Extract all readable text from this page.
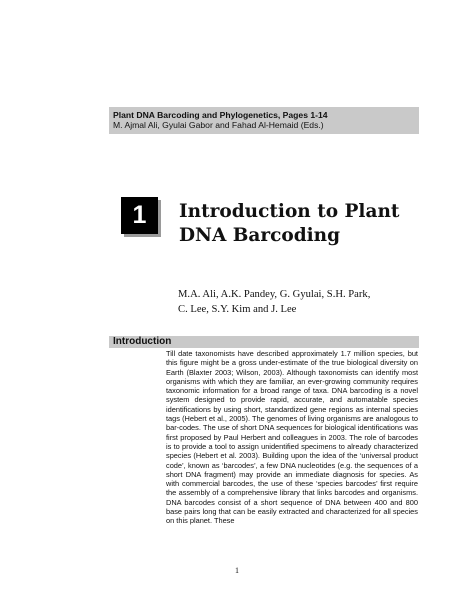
Plant DNA Barcoding and Phylogenetics, Pages 1-14
M. Ajmal Ali, Gyulai Gabor and Fahad Al-Hemaid (Eds.)
1	Introduction to Plant
DNA Barcoding
M.A. Ali, A.K. Pandey, G. Gyulai, S.H. Park,
C. Lee, S.Y. Kim and J. Lee
Introduction

Till date taxonomists have described approximately 1.7 million species, but this figure might be a gross under-estimate of the true biological diversity on Earth (Blaxter 2003; Wilson, 2003). Although taxonomists can identify most organisms with which they are familiar, an ever-growing community requires taxonomic information for a broad range of taxa. DNA barcoding is a novel system designed to provide rapid, accurate, and automatable species identifications by using short, standardized gene regions as internal species tags (Hebert et al., 2005). The genomes of living organisms are analogous to bar-codes. The use of short DNA sequences for biological identifications was first proposed by Paul Herbert and colleagues in 2003. The role of barcodes is to provide a tool to assign unidentified specimens to already characterized species (Hebert et al. 2003). Building upon the idea of the ‘universal product code’, known as ‘barcodes’, a few DNA nucleotides (e.g. the sequences of a short DNA fragment) may provide an immediate diagnosis for species. As with commercial barcodes, the use of these ‘species barcodes’ first require the assembly of a comprehensive library that links barcodes and organisms. DNA barcodes consist of a short sequence of DNA between 400 and 800 base pairs long that can be easily extracted and characterized for all species on this planet. These

1
